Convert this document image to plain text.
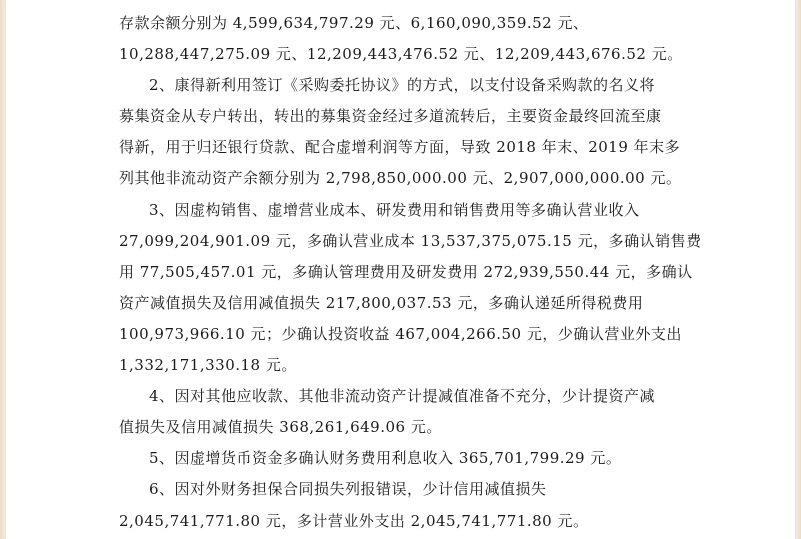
存款余额分别为 4,599,634,797.29 元、6,160,090,359.52 元、
10,288,447,275.09 元、12,209,443,476.52 元、12,209,443,676.52 元。
2、康得新利用签订《采购委托协议》的方式，以支付设备采购款的名义将
募集资金从专户转出，转出的募集资金经过多道流转后，主要资金最终回流至康
得新，用于归还银行贷款、配合虚增利润等方面，导致 2018 年末、2019 年末多
列其他非流动资产余额分别为 2,798,850,000.00 元、2,907,000,000.00 元。
3、因虚构销售、虚增营业成本、研发费用和销售费用等多确认营业收入
27,099,204,901.09 元，多确认营业成本 13,537,375,075.15 元，多确认销售费
用 77,505,457.01 元，多确认管理费用及研发费用 272,939,550.44 元，多确认
资产减值损失及信用减值损失 217,800,037.53 元，多确认递延所得税费用
100,973,966.10 元；少确认投资收益 467,004,266.50 元，少确认营业外支出
1,332,171,330.18 元。
4、因对其他应收款、其他非流动资产计提减值准备不充分，少计提资产减
值损失及信用减值损失 368,261,649.06 元。
5、因虚增货币资金多确认财务费用利息收入 365,701,799.29 元。
6、因对外财务担保合同损失列报错误，少计信用减值损失
2,045,741,771.80 元，多计营业外支出 2,045,741,771.80 元。
